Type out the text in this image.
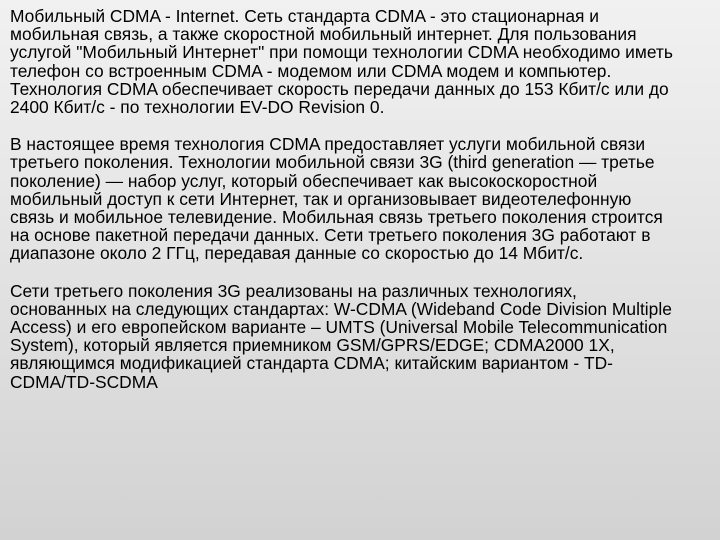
Мобильный CDMA - Internet. Сеть стандарта CDMA - это стационарная и
мобильная связь, а также скоростной мобильный интернет. Для пользования
услугой "Мобильный Интернет" при помощи технологии CDMA необходимо иметь
телефон со встроенным CDMA - модемом или CDMA модем и компьютер.
Технология CDMA обеспечивает скорость передачи данных до 153 Кбит/с или до
2400 Кбит/с - по технологии EV-DO Revision 0.

В настоящее время технология CDMA предоставляет услуги мобильной связи
третьего поколения. Технологии мобильной связи 3G (third generation — третье
поколение) — набор услуг, который обеспечивает как высокоскоростной
мобильный доступ к сети Интернет, так и организовывает видеотелефонную
связь и мобильное телевидение. Мобильная связь третьего поколения строится
на основе пакетной передачи данных. Сети третьего поколения 3G работают в
диапазоне около 2 ГГц, передавая данные со скоростью до 14 Мбит/с.

Сети третьего поколения 3G реализованы на различных технологиях,
основанных на следующих стандартах: W-CDMA (Wideband Code Division Multiple
Access) и его европейском варианте – UMTS (Universal Mobile Telecommunication
System), который является приемником GSM/GPRS/EDGE; CDMA2000 1X,
являющимся модификацией стандарта CDMA; китайским вариантом - TD-
CDMA/TD-SCDMA
